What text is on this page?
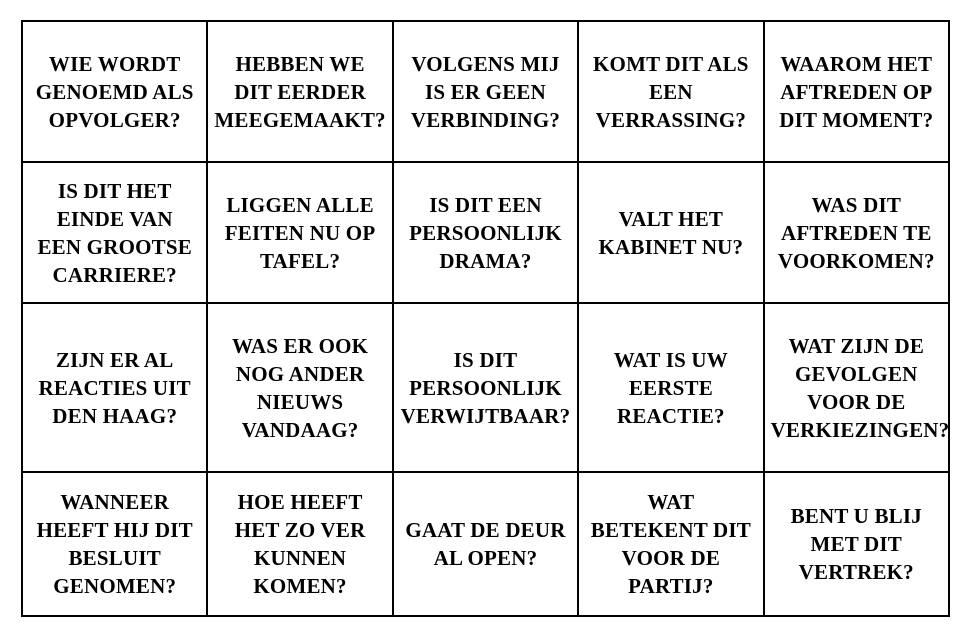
WIE WORDT
GENOEMD ALS
OPVOLGER?	HEBBEN WE
DIT EERDER
MEEGEMAAKT?	VOLGENS MIJ
IS ER GEEN
VERBINDING?	KOMT DIT ALS
EEN
VERRASSING?	WAAROM HET
AFTREDEN OP
DIT MOMENT?

IS DIT HET
EINDE VAN
EEN GROOTSE
CARRIERE?	LIGGEN ALLE
FEITEN NU OP
TAFEL?	IS DIT EEN
PERSOONLIJK
DRAMA?	VALT HET
KABINET NU?	WAS DIT
AFTREDEN TE
VOORKOMEN?

ZIJN ER AL
REACTIES UIT
DEN HAAG?	WAS ER OOK
NOG ANDER
NIEUWS
VANDAAG?	IS DIT
PERSOONLIJK
VERWIJTBAAR?	WAT IS UW
EERSTE
REACTIE?	WAT ZIJN DE
GEVOLGEN
VOOR DE
VERKIEZINGEN?

WANNEER
HEEFT HIJ DIT
BESLUIT
GENOMEN?	HOE HEEFT
HET ZO VER
KUNNEN
KOMEN?	GAAT DE DEUR
AL OPEN?	WAT
BETEKENT DIT
VOOR DE
PARTIJ?	BENT U BLIJ
MET DIT
VERTREK?
